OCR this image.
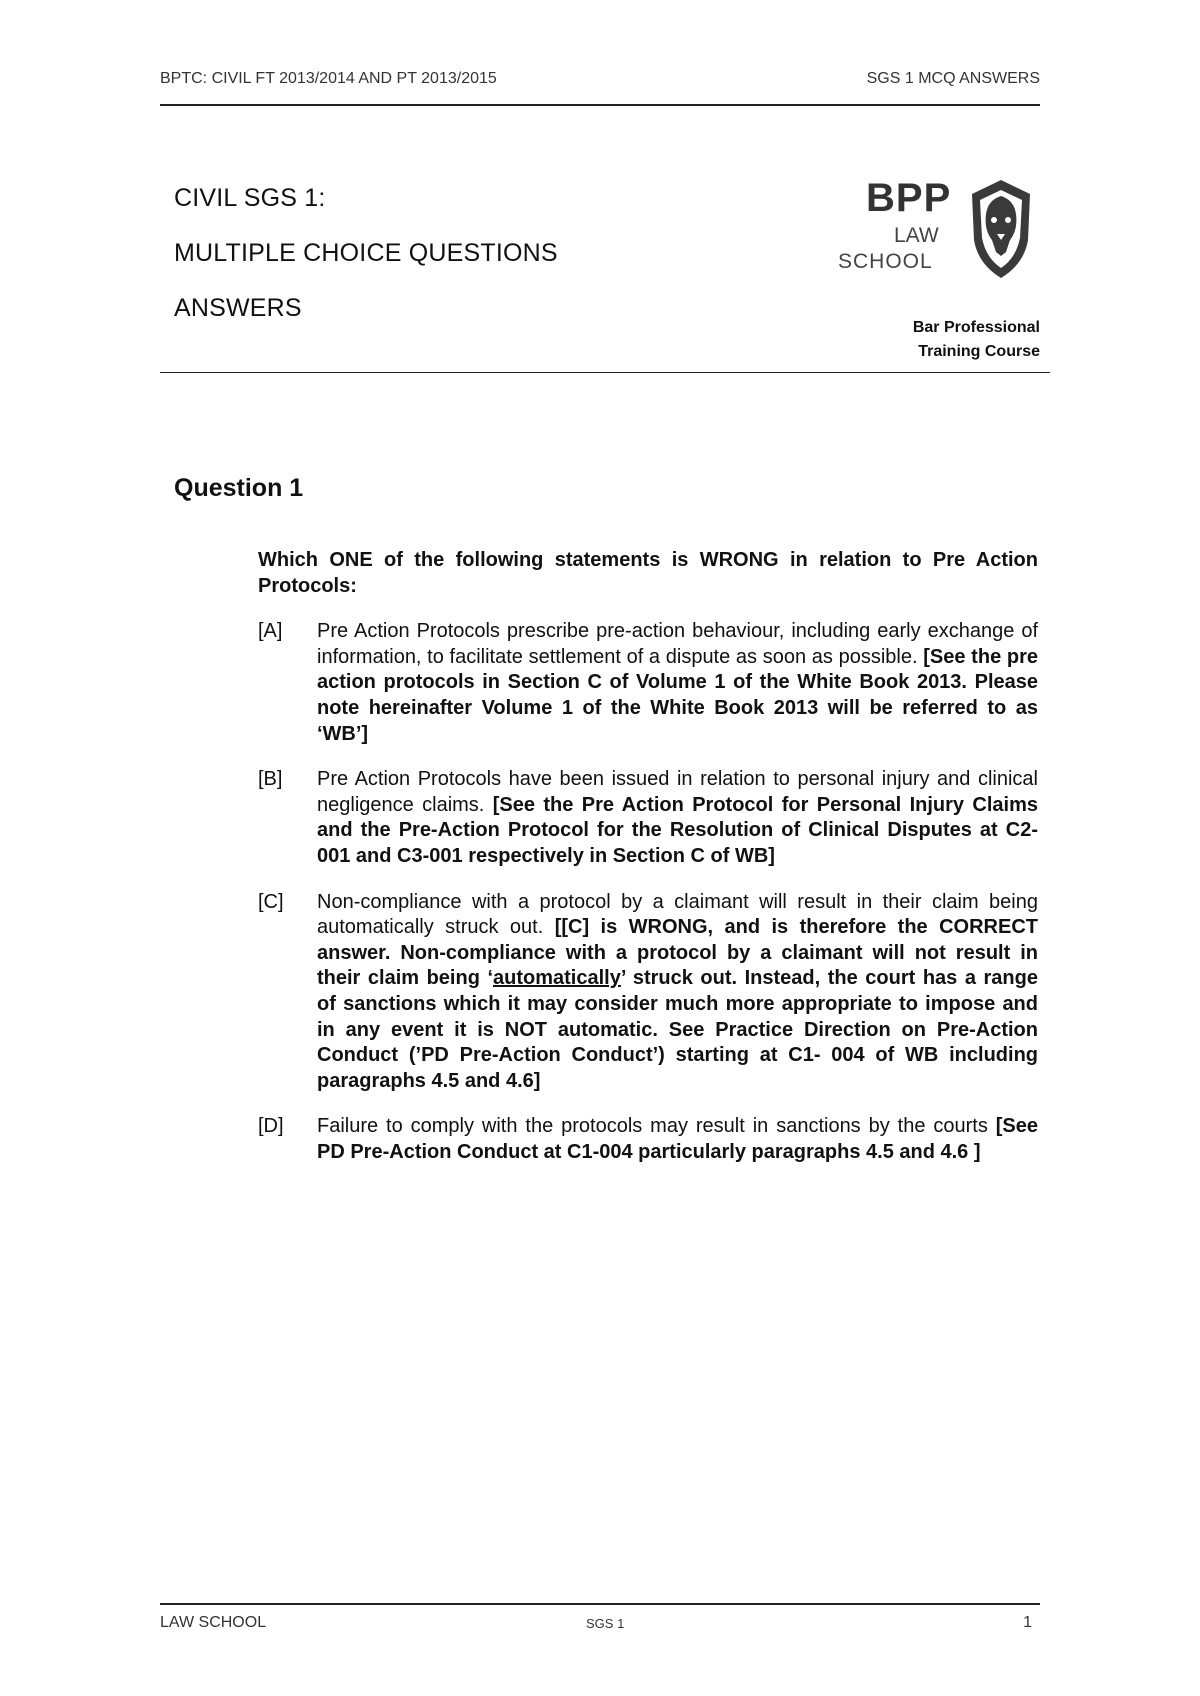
BPTC: CIVIL FT 2013/2014 AND PT 2013/2015	SGS 1 MCQ ANSWERS
CIVIL SGS 1:
MULTIPLE CHOICE QUESTIONS
ANSWERS
BPP
LAW
SCHOOL
Bar Professional
Training Course
Question 1

Which ONE of the following statements is WRONG in relation to Pre Action Protocols:

[A]	Pre Action Protocols prescribe pre-action behaviour, including early exchange of information, to facilitate settlement of a dispute as soon as possible. [See the pre action protocols in Section C of Volume 1 of the White Book 2013. Please note hereinafter Volume 1 of the White Book 2013 will be referred to as ‘WB’]
[B]	Pre Action Protocols have been issued in relation to personal injury and clinical negligence claims. [See the Pre Action Protocol for Personal Injury Claims and the Pre-Action Protocol for the Resolution of Clinical Disputes at C2-001 and C3-001 respectively in Section C of WB]
[C]	Non-compliance with a protocol by a claimant will result in their claim being automatically struck out. [[C] is WRONG, and is therefore the CORRECT answer. Non-compliance with a protocol by a claimant will not result in their claim being ‘automatically’ struck out. Instead, the court has a range of sanctions which it may consider much more appropriate to impose and in any event it is NOT automatic. See Practice Direction on Pre-Action Conduct (’PD Pre-Action Conduct’) starting at C1- 004 of WB including paragraphs 4.5 and 4.6]
[D]	Failure to comply with the protocols may result in sanctions by the courts [See PD Pre-Action Conduct at C1-004 particularly paragraphs 4.5 and 4.6 ]
LAW SCHOOL	SGS 1	1
